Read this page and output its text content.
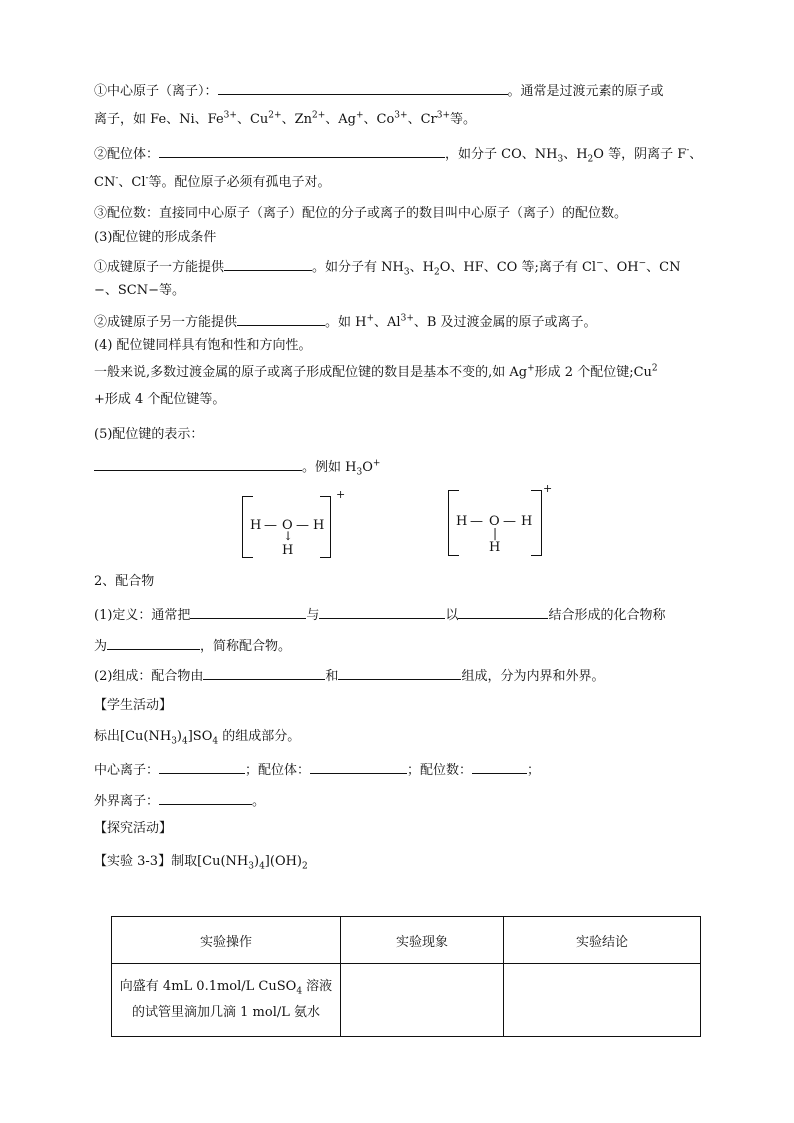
①中心原子（离子）：	。通常是过渡元素的原子或
离子，如 Fe、Ni、$Fe^{3+}$、$Cu^{2+}$、$Zn^{2+}$、Ag+、$Co^{3+}$、$Cr^{3+}$等。
②配位体：	，如分子 CO、$NH_3$、$H_2O$ 等，阴离子 F-、
CN-、Cl-等。配位原子必须有孤电子对。
③配位数：直接同中心原子（离子）配位的分子或离子的数目叫中心原子（离子）的配位数。
(3)配位键的形成条件
①成键原子一方能提供	。如分子有 $NH_3$、$H_2O$、HF、CO 等;离子有 Cl−、OH−、CN
−、SCN−等。
②成键原子另一方能提供	。如 H+、$Al^{3+}$、B 及过渡金属的原子或离子。
(4) 配位键同样具有饱和性和方向性。
一般来说,多数过渡金属的原子或离子形成配位键的数目是基本不变的,如 Ag+形成 2 个配位键$;Cu^2$
+形成 4 个配位键等。
(5)配位键的表示：
。例如 $H_3O^+$
+
H — O — H
↓
H
+
H — O — H
|
H
2、配合物
(1)定义：通常把	与	以	结合形成的化合物称
为	，简称配合物。
(2)组成：配合物由	和	组成，分为内界和外界。
【学生活动】
标出$[Cu(NH_3)_4]SO_4$ 的组成部分。
中心离子：	；配位体：	；配位数：	；
外界离子：	。
【探究活动】
【实验 3-3】制取$[Cu(NH_3)_4](OH)_2$
实验操作	实验现象	实验结论

向盛有 4mL 0.1mol/L CuSO$_4$ 溶液
的试管里滴加几滴 1 mol/L 氨水		
